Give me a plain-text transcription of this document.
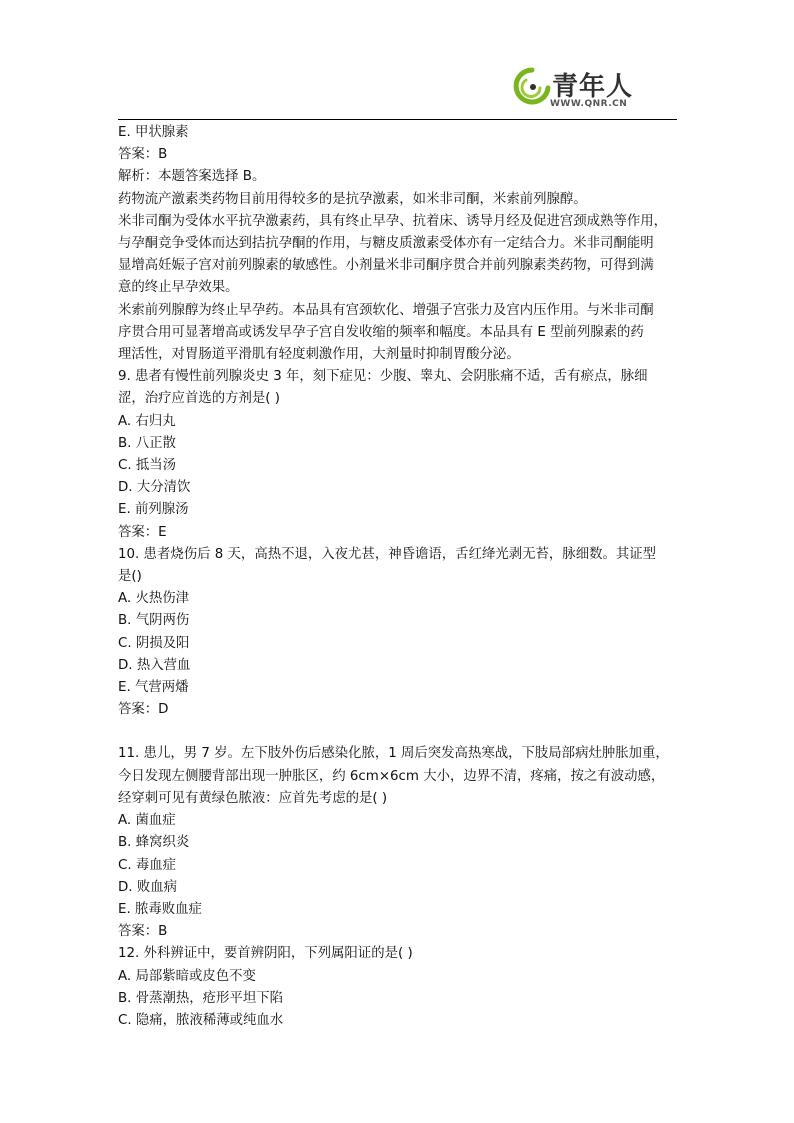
青年人
WWW.QNR.CN

E. 甲状腺素

答案：B

解析：本题答案选择 B。

药物流产激素类药物目前用得较多的是抗孕激素，如米非司酮，米索前列腺醇。

米非司酮为受体水平抗孕激素药，具有终止早孕、抗着床、诱导月经及促进宫颈成熟等作用，

与孕酮竞争受体而达到拮抗孕酮的作用，与糖皮质激素受体亦有一定结合力。米非司酮能明

显增高妊娠子宫对前列腺素的敏感性。小剂量米非司酮序贯合并前列腺素类药物，可得到满

意的终止早孕效果。

米索前列腺醇为终止早孕药。本品具有宫颈软化、增强子宫张力及宫内压作用。与米非司酮

序贯合用可显著增高或诱发早孕子宫自发收缩的频率和幅度。本品具有 E 型前列腺素的药

理活性，对胃肠道平滑肌有轻度刺激作用，大剂量时抑制胃酸分泌。

9. 患者有慢性前列腺炎史 3 年，刻下症见：少腹、睾丸、会阴胀痛不适，舌有瘀点，脉细

涩，治疗应首选的方剂是( )

A. 右归丸

B. 八正散

C. 抵当汤

D. 大分清饮

E. 前列腺汤

答案：E

10. 患者烧伤后 8 天，高热不退，入夜尤甚，神昏谵语，舌红绛光剥无苔，脉细数。其证型

是()

A. 火热伤津

B. 气阴两伤

C. 阴损及阳

D. 热入营血

E. 气营两燔

答案：D

11. 患儿，男 7 岁。左下肢外伤后感染化脓，1 周后突发高热寒战，下肢局部病灶肿胀加重，

今日发现左侧腰背部出现一肿胀区，约 6cm×6cm 大小，边界不清，疼痛，按之有波动感，

经穿刺可见有黄绿色脓液：应首先考虑的是( )

A. 菌血症

B. 蜂窝织炎

C. 毒血症

D. 败血病

E. 脓毒败血症

答案：B

12. 外科辨证中，要首辨阴阳，下列属阳证的是( )

A. 局部紫暗或皮色不变

B. 骨蒸潮热，疮形平坦下陷

C. 隐痛，脓液稀薄或纯血水
